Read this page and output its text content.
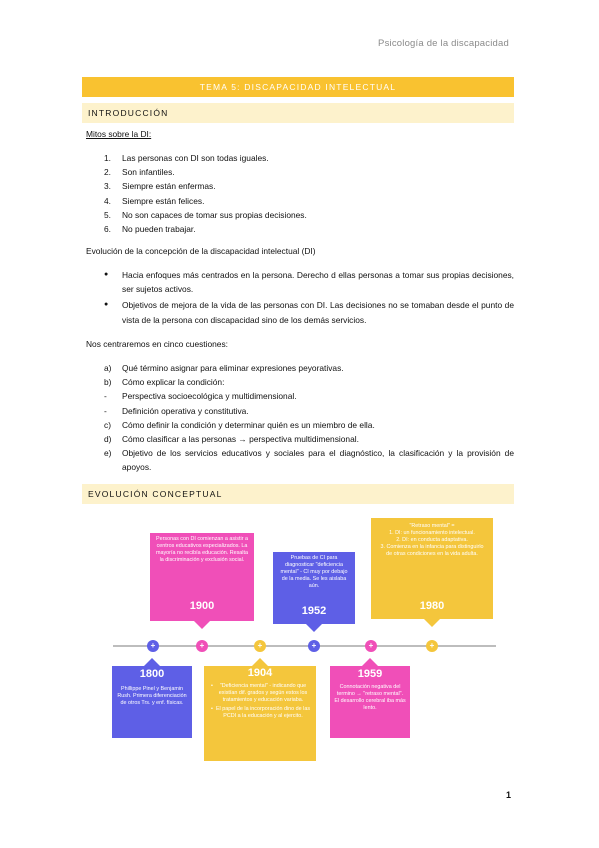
Psicología de la discapacidad
TEMA 5: DISCAPACIDAD INTELECTUAL
INTRODUCCIÓN
Mitos sobre la DI:
1.	Las personas con DI son todas iguales.
2.	Son infantiles.
3.	Siempre están enfermas.
4.	Siempre están felices.
5.	No son capaces de tomar sus propias decisiones.
6.	No pueden trabajar.
Evolución de la concepción de la discapacidad intelectual (DI)
●	Hacia enfoques más centrados en la persona. Derecho d ellas personas a tomar sus propias decisiones, ser sujetos activos.
●	Objetivos de mejora de la vida de las personas con DI. Las decisiones no se tomaban desde el punto de vista de la persona con discapacidad sino de los demás servicios.
Nos centraremos en cinco cuestiones:
a)	Qué término asignar para eliminar expresiones peyorativas.
b)	Cómo explicar la condición:
-	Perspectiva socioecológica y multidimensional.
-	Definición operativa y constitutiva.
c)	Cómo definir la condición y determinar quién es un miembro de ella.
d)	Cómo clasificar a las personas → perspectiva multidimensional.
e)	Objetivo de los servicios educativos y sociales para el diagnóstico, la clasificación y la provisión de apoyos.
EVOLUCIÓN CONCEPTUAL
Personas con DI comienzan a asistir a centros educativos especializados. La mayoría no recibía educación. Resalta la discriminación y exclusión social.
1900
Pruebas de CI para diagnosticar "deficiencia mental" - CI muy por debajo de la media. Se les aislaba aún.
1952
"Retraso mental" =
1. DI: un funcionamiento intelectual.
2. DI: en conducta adaptativa.
3. Comienza en la infancia para distinguirlo de otras condiciones en la vida adulta.
1980
+	+	+	+	+	+
1800
Phillippe Pinel y Benjamin Rush. Primera diferenciación de otros Trs. y enf. físicas.
1904
•	"Deficiencia mental" - indicando que existían dif. grados y según estos los tratamientos y educación variaba.
• El papel de la incorporación dino de las PCDI a la educación y al ejercito.
1959
Connotación negativa del termino → "retraso mental". El desarrollo cerebral iba más lento.
1
